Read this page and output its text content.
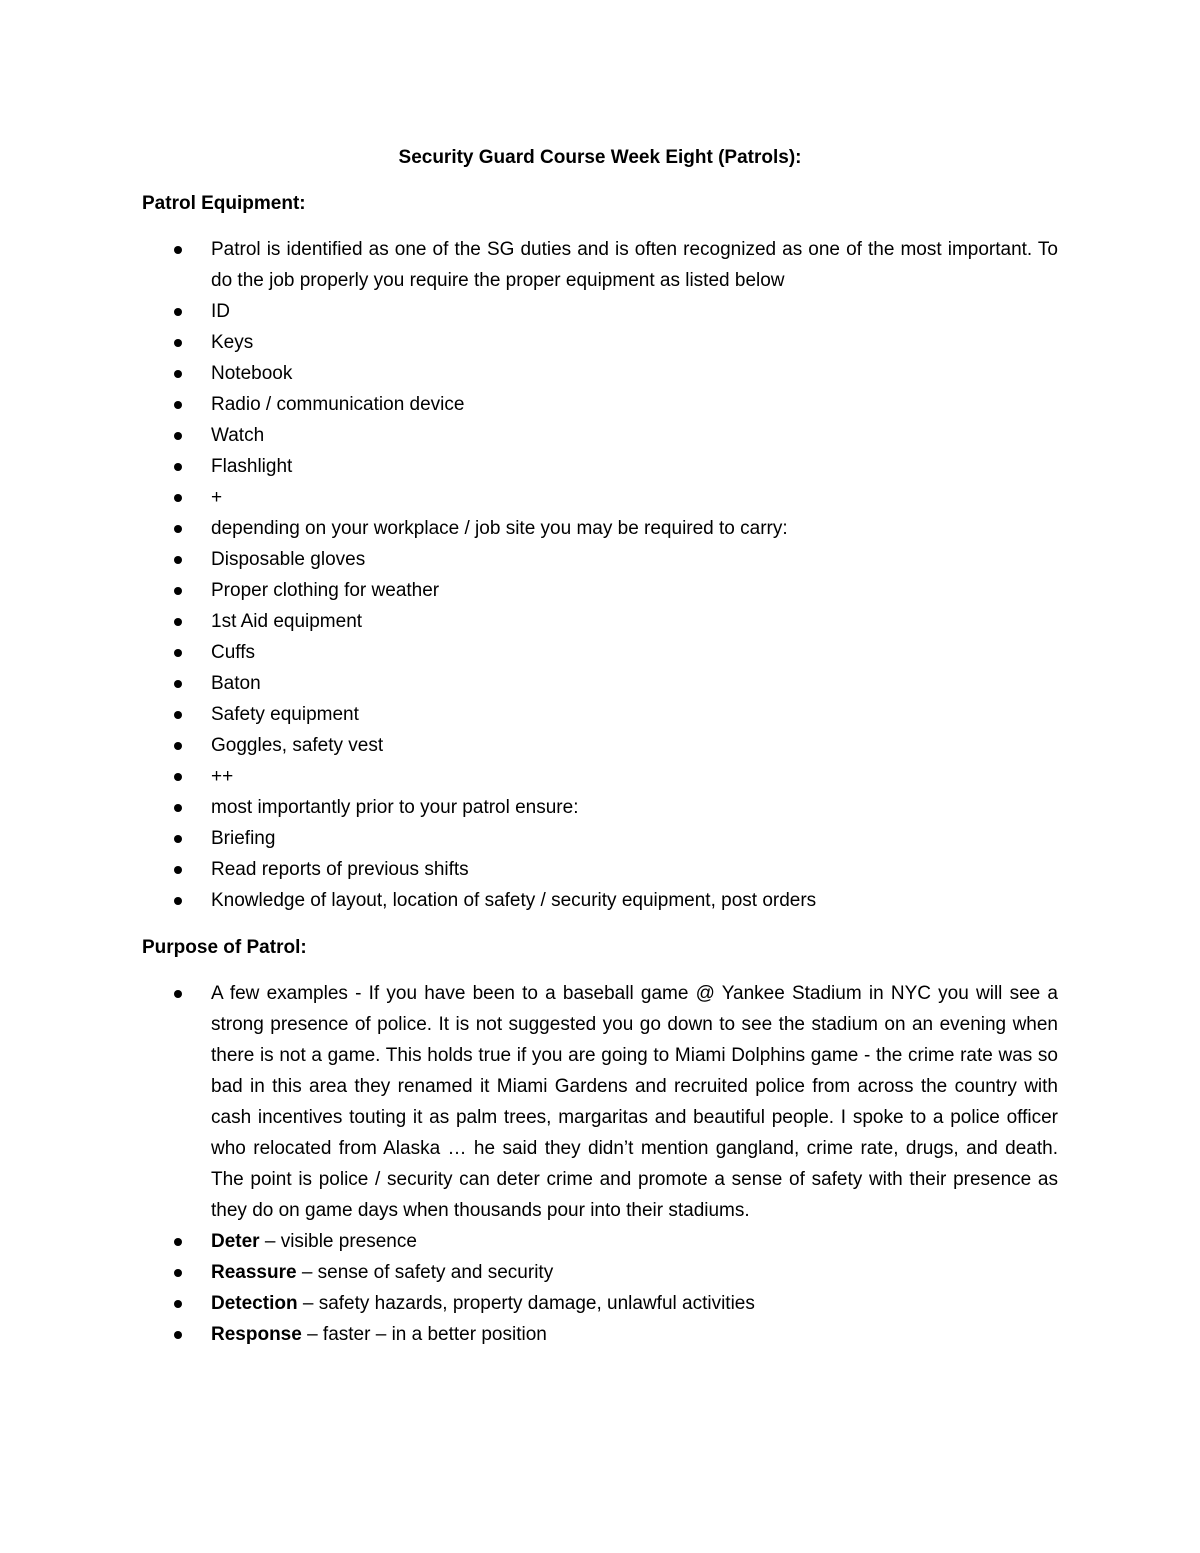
Security Guard Course Week Eight (Patrols):
Patrol Equipment:
Patrol is identified as one of the SG duties and is often recognized as one of the most important. To do the job properly you require the proper equipment as listed below
ID
Keys
Notebook
Radio / communication device
Watch
Flashlight
+
depending on your workplace / job site you may be required to carry:
Disposable gloves
Proper clothing for weather
1st Aid equipment
Cuffs
Baton
Safety equipment
Goggles, safety vest
++
most importantly prior to your patrol ensure:
Briefing
Read reports of previous shifts
Knowledge of layout, location of safety / security equipment, post orders
Purpose of Patrol:
A few examples - If you have been to a baseball game @ Yankee Stadium in NYC you will see a strong presence of police. It is not suggested you go down to see the stadium on an evening when there is not a game. This holds true if you are going to Miami Dolphins game - the crime rate was so bad in this area they renamed it Miami Gardens and recruited police from across the country with cash incentives touting it as palm trees, margaritas and beautiful people. I spoke to a police officer who relocated from Alaska … he said they didn’t mention gangland, crime rate, drugs, and death. The point is police / security can deter crime and promote a sense of safety with their presence as they do on game days when thousands pour into their stadiums.
Deter – visible presence
Reassure – sense of safety and security
Detection – safety hazards, property damage, unlawful activities
Response – faster – in a better position
